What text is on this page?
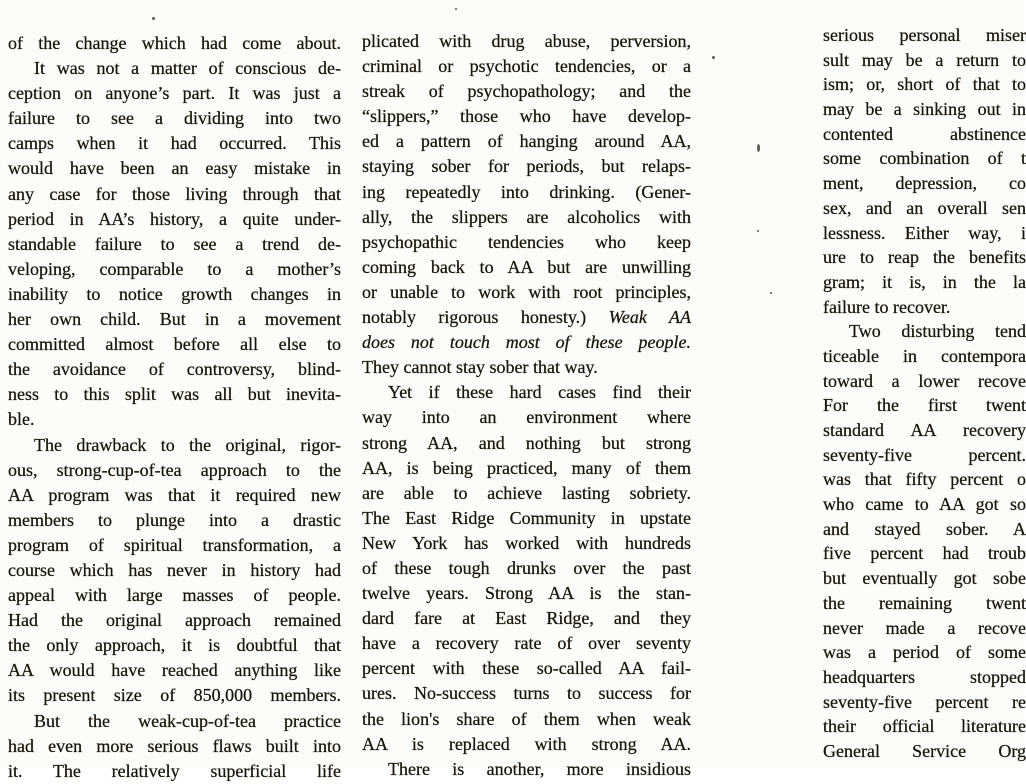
of the change which had come about.
It was not a matter of conscious de-
ception on anyone’s part. It was just a
failure to see a dividing into two
camps when it had occurred. This
would have been an easy mistake in
any case for those living through that
period in AA’s history, a quite under-
standable failure to see a trend de-
veloping, comparable to a mother’s
inability to notice growth changes in
her own child. But in a movement
committed almost before all else to
the avoidance of controversy, blind-
ness to this split was all but inevita-
ble.
The drawback to the original, rigor-
ous, strong-cup-of-tea approach to the
AA program was that it required new
members to plunge into a drastic
program of spiritual transformation, a
course which has never in history had
appeal with large masses of people.
Had the original approach remained
the only approach, it is doubtful that
AA would have reached anything like
its present size of 850,000 members.
But the weak-cup-of-tea practice
had even more serious flaws built into
it. The relatively superficial life
plicated with drug abuse, perversion,
criminal or psychotic tendencies, or a
streak of psychopathology; and the
“slippers,” those who have develop-
ed a pattern of hanging around AA,
staying sober for periods, but relaps-
ing repeatedly into drinking. (Gener-
ally, the slippers are alcoholics with
psychopathic tendencies who keep
coming back to AA but are unwilling
or unable to work with root principles,
notably rigorous honesty.) Weak AA
does not touch most of these people.
They cannot stay sober that way.
Yet if these hard cases find their
way into an environment where
strong AA, and nothing but strong
AA, is being practiced, many of them
are able to achieve lasting sobriety.
The East Ridge Community in upstate
New York has worked with hundreds
of these tough drunks over the past
twelve years. Strong AA is the stan-
dard fare at East Ridge, and they
have a recovery rate of over seventy
percent with these so-called AA fail-
ures. No-success turns to success for
the lion's share of them when weak
AA is replaced with strong AA.
There is another, more insidious
serious personal miser
sult may be a return to
ism; or, short of that to
may be a sinking out in
contented abstinence
some combination of t
ment, depression, co
sex, and an overall sen
lessness. Either way, i
ure to reap the benefits
gram; it is, in the la
failure to recover.
Two disturbing tend
ticeable in contempora
toward a lower recove
For the first twent
standard AA recovery
seventy-five percent.
was that fifty percent o
who came to AA got so
and stayed sober. A
five percent had troub
but eventually got sobe
the remaining twent
never made a recove
was a period of some
headquarters stopped
seventy-five percent re
their official literature
General Service Org
